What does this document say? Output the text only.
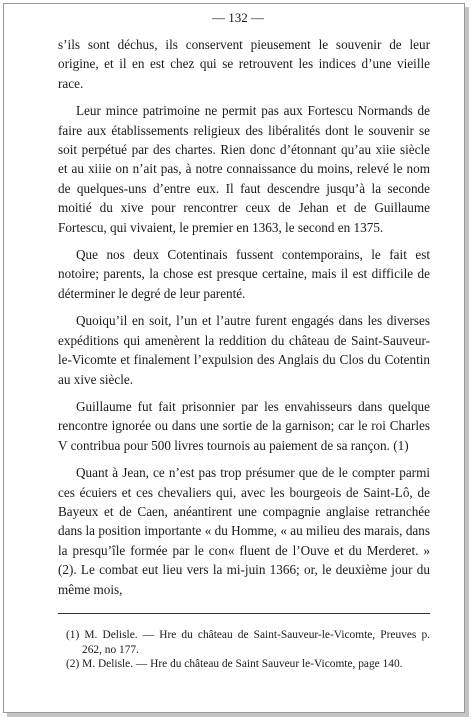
— 132 —

s’ils sont déchus, ils conservent pieusement le souvenir de leur origine, et il en est chez qui se retrouvent les indices d’une vieille race.

Leur mince patrimoine ne permit pas aux Fortescu Normands de faire aux établissements religieux des libéralités dont le souvenir se soit perpétué par des chartes. Rien donc d’étonnant qu’au xiie siècle et au xiiie on n’ait pas, à notre connaissance du moins, relevé le nom de quelques-uns d’entre eux. Il faut descendre jusqu’à la seconde moitié du xive pour rencontrer ceux de Jehan et de Guillaume Fortescu, qui vivaient, le premier en 1363, le second en 1375.

Que nos deux Cotentinais fussent contemporains, le fait est notoire; parents, la chose est presque certaine, mais il est difficile de déterminer le degré de leur parenté.

Quoiqu’il en soit, l’un et l’autre furent engagés dans les diverses expéditions qui amenèrent la reddition du château de Saint-Sauveur-le-Vicomte et finalement l’expulsion des Anglais du Clos du Cotentin au xive siècle.

Guillaume fut fait prisonnier par les envahisseurs dans quelque rencontre ignorée ou dans une sortie de la garnison; car le roi Charles V contribua pour 500 livres tournois au paiement de sa rançon. (1)

Quant à Jean, ce n’est pas trop présumer que de le compter parmi ces écuiers et ces chevaliers qui, avec les bourgeois de Saint-Lô, de Bayeux et de Caen, anéantirent une compagnie anglaise retranchée dans la position importante « du Homme, « au milieu des marais, dans la presqu’île formée par le con« fluent de l’Ouve et du Merderet. » (2). Le combat eut lieu vers la mi-juin 1366; or, le deuxième jour du même mois,

(1) M. Delisle. — Hre du château de Saint-Sauveur-le-Vicomte, Preuves p. 262, no 177.

(2) M. Delisle. — Hre du château de Saint Sauveur le-Vicomte, page 140.
